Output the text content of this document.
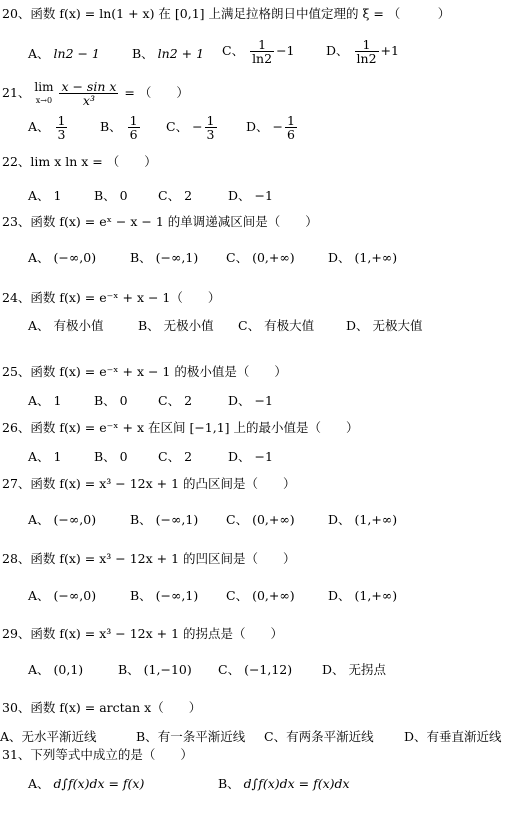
20、函数 f(x) = ln(1 + x) 在 [0,1] 上满足拉格朗日中值定理的 ξ = （　　　）
A、 ln2 − 1	B、 ln2 + 1 C、 $\frac{1}{\ln 2} -1$	D、 $\frac{1}{\ln 2} +1$
21、 lim
$x\to 0 \frac{\text{x − sin x}}{\text{x³}}$ = （　　）
A、 $\frac{1}{3}$	B、 $\frac{1}{6}$ C、 − $\frac{1}{3}$ D、 − $\frac{1}{6}$
22、lim x ln x = （　　）
A、 1	B、 0 C、 2	D、 −1
23、函数 f(x) = eˣ − x − 1 的单调递减区间是（　　）
A、 (−∞,0)	B、 (−∞,1) C、 (0,+∞)	D、 (1,+∞)
24、函数 f(x) = e⁻ˣ + x − 1（　　）
A、 有极小值	B、 无极小值 C、 有极大值	D、 无极大值
25、函数 f(x) = e⁻ˣ + x − 1 的极小值是（　　）
A、 1	B、 0 C、 2	D、 −1
26、函数 f(x) = e⁻ˣ + x 在区间 [−1,1] 上的最小值是（　　）
A、 1	B、 0 C、 2	D、 −1
27、函数 f(x) = x³ − 12x + 1 的凸区间是（　　）
A、 (−∞,0)	B、 (−∞,1) C、 (0,+∞)	D、 (1,+∞)
28、函数 f(x) = x³ − 12x + 1 的凹区间是（　　）
A、 (−∞,0)	B、 (−∞,1) C、 (0,+∞)	D、 (1,+∞)
29、函数 f(x) = x³ − 12x + 1 的拐点是（　　）
A、 (0,1)	B、 (1,−10) C、 (−1,12) D、 无拐点
30、函数 f(x) = arctan x（　　）
A、无水平渐近线	B、有一条平渐近线 C、有两条平渐近线 D、有垂直渐近线
31、下列等式中成立的是（　　）
A、 d∫f(x)dx = f(x)	B、 d∫f(x)dx = f(x)dx
